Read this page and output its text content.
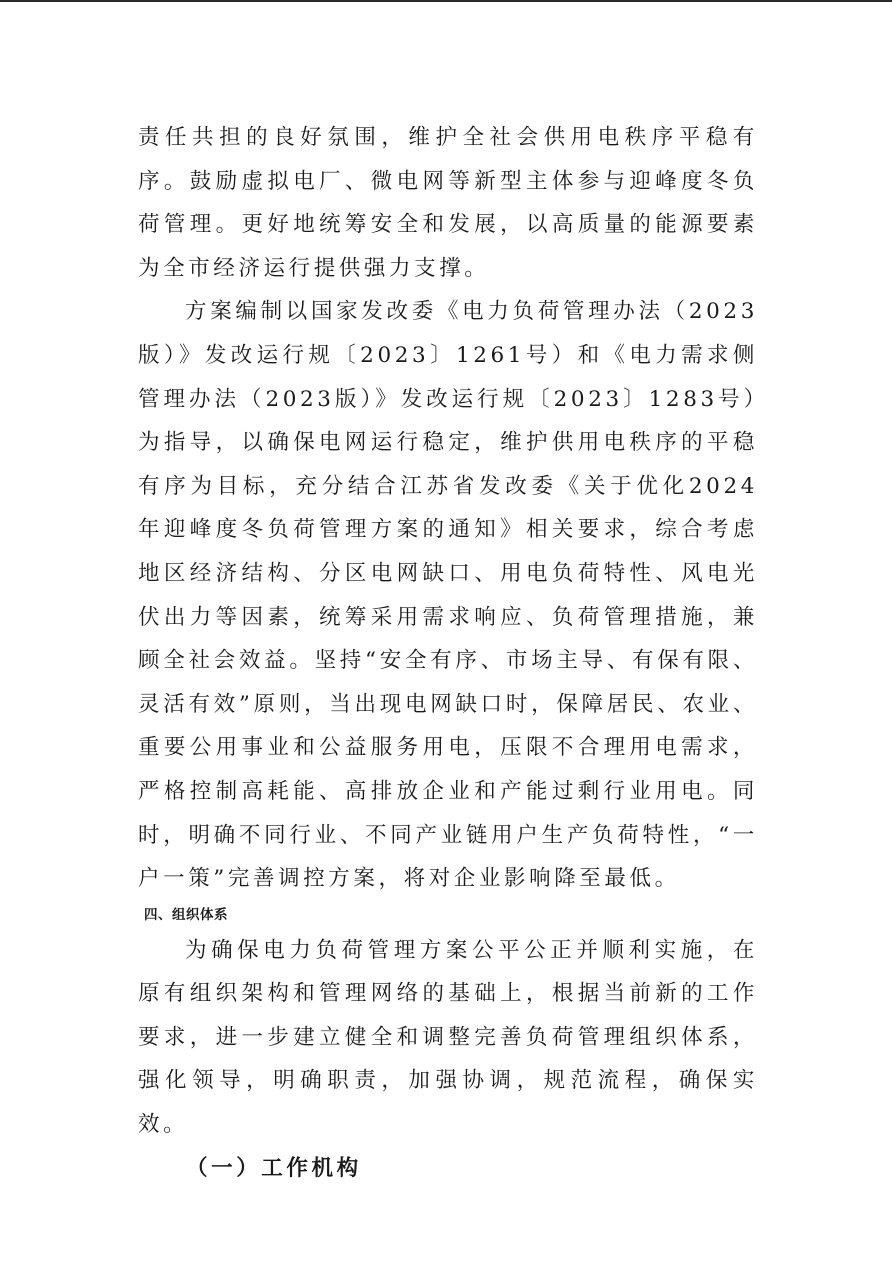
责任共担的良好氛围，维护全社会供用电秩序平稳有序。鼓励虚拟电厂、微电网等新型主体参与迎峰度冬负荷管理。更好地统筹安全和发展，以高质量的能源要素为全市经济运行提供强力支撑。

方案编制以国家发改委《电力负荷管理办法（2023版）》发改运行规〔2023〕1261号）和《电力需求侧管理办法（2023版）》发改运行规〔2023〕1283号）为指导，以确保电网运行稳定，维护供用电秩序的平稳有序为目标，充分结合江苏省发改委《关于优化2024年迎峰度冬负荷管理方案的通知》相关要求，综合考虑地区经济结构、分区电网缺口、用电负荷特性、风电光伏出力等因素，统筹采用需求响应、负荷管理措施，兼顾全社会效益。坚持“安全有序、市场主导、有保有限、灵活有效”原则，当出现电网缺口时，保障居民、农业、重要公用事业和公益服务用电，压限不合理用电需求，严格控制高耗能、高排放企业和产能过剩行业用电。同时，明确不同行业、不同产业链用户生产负荷特性，“一户一策”完善调控方案，将对企业影响降至最低。

四、组织体系

为确保电力负荷管理方案公平公正并顺利实施，在原有组织架构和管理网络的基础上，根据当前新的工作要求，进一步建立健全和调整完善负荷管理组织体系，强化领导，明确职责，加强协调，规范流程，确保实效。

（一）工作机构
